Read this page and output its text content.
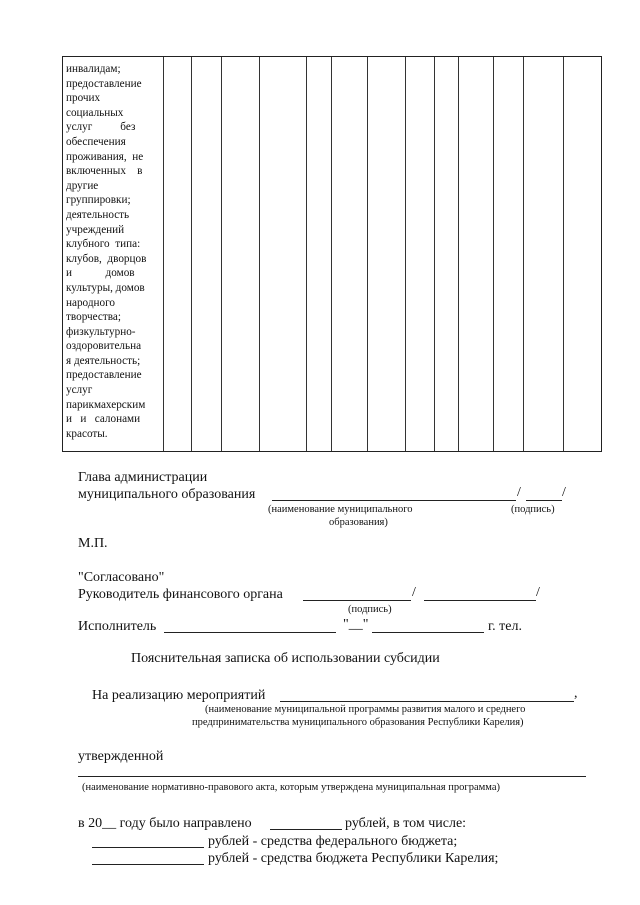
инвалидам;
предоставление
прочих
социальных
услуг          без
обеспечения
проживания,  не
включенных    в
другие
группировки;
деятельность
учреждений
клубного  типа:
клубов,  дворцов
и            домов
культуры, домов
народного
творчества;
физкультурно-
оздоровительна
я деятельность;
предоставление
услуг
парикмахерским
и   и   салонами
красоты.
Глава администрации
муниципального образования	/	/
(наименование муниципального
образования)
(подпись)
М.П.
"Согласовано"
Руководитель финансового органа	/	/
(подпись)
Исполнитель	"__"	г. тел.
Пояснительная записка об использовании субсидии
На реализацию мероприятий	,
(наименование муниципальной программы развития малого и среднего
предпринимательства муниципального образования Республики Карелия)
утвержденной
(наименование нормативно-правового акта, которым утверждена муниципальная программа)
в 20__ году было направлено	рублей, в том числе:
рублей - средства федерального бюджета;
рублей - средства бюджета Республики Карелия;
